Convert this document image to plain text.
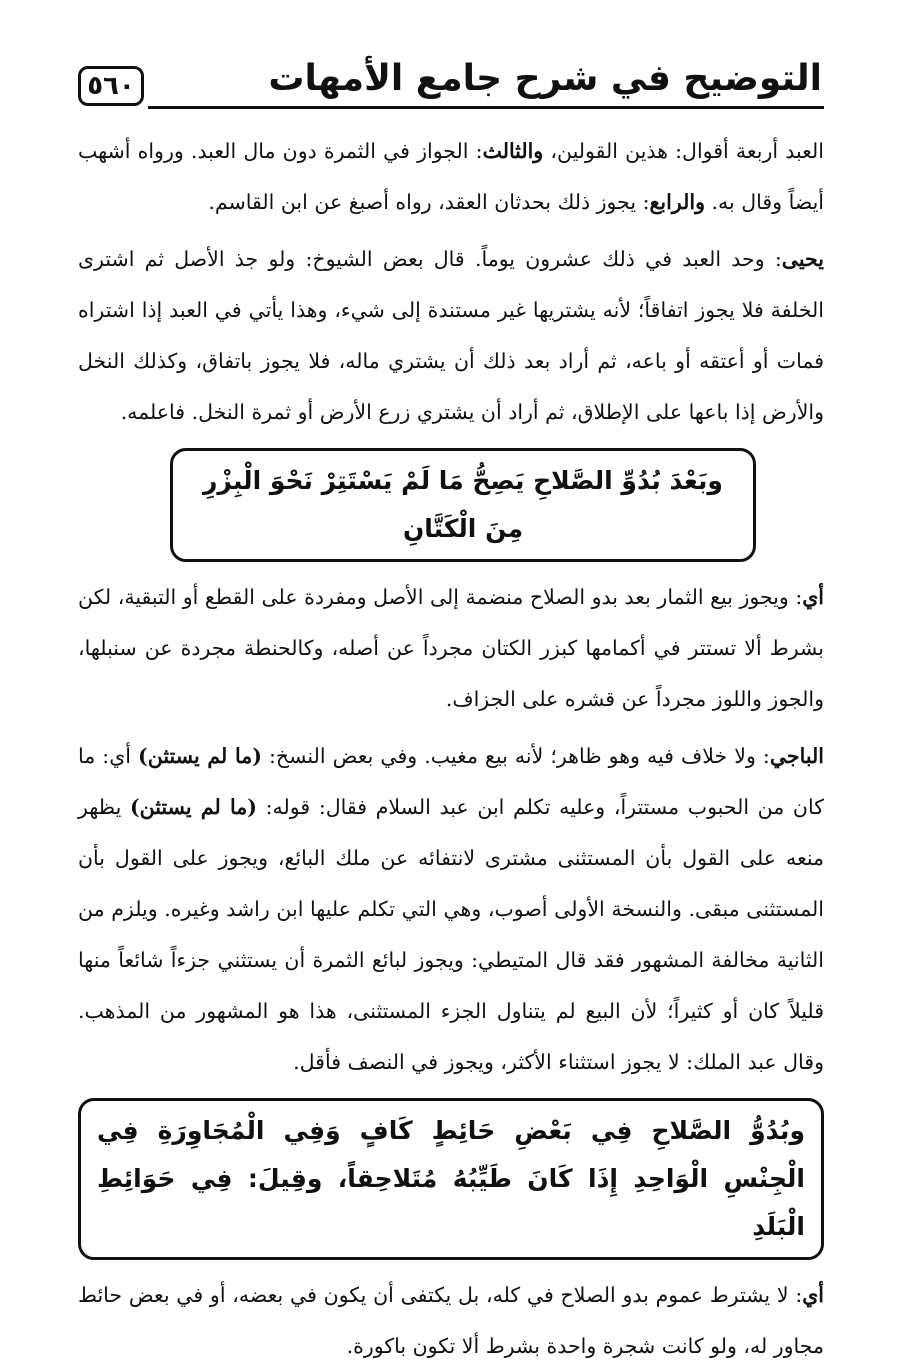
٥٦٠	التوضيح في شرح جامع الأمهات

العبد أربعة أقوال: هذين القولين، والثالث: الجواز في الثمرة دون مال العبد. ورواه أشهب أيضاً وقال به. والرابع: يجوز ذلك بحدثان العقد، رواه أصبغ عن ابن القاسم.

يحيى: وحد العبد في ذلك عشرون يوماً. قال بعض الشيوخ: ولو جذ الأصل ثم اشترى الخلفة فلا يجوز اتفاقاً؛ لأنه يشتريها غير مستندة إلى شيء، وهذا يأتي في العبد إذا اشتراه فمات أو أعتقه أو باعه، ثم أراد بعد ذلك أن يشتري ماله، فلا يجوز باتفاق، وكذلك النخل والأرض إذا باعها على الإطلاق، ثم أراد أن يشتري زرع الأرض أو ثمرة النخل. فاعلمه.

وبَعْدَ بُدُوِّ الصَّلاحِ يَصِحُّ مَا لَمْ يَسْتَتِرْ نَحْوَ الْبِزْرِ مِنَ الْكَتَّانِ

أي: ويجوز بيع الثمار بعد بدو الصلاح منضمة إلى الأصل ومفردة على القطع أو التبقية، لكن بشرط ألا تستتر في أكمامها كبزر الكتان مجرداً عن أصله، وكالحنطة مجردة عن سنبلها، والجوز واللوز مجرداً عن قشره على الجزاف.

الباجي: ولا خلاف فيه وهو ظاهر؛ لأنه بيع مغيب. وفي بعض النسخ: (ما لم يستثن) أي: ما كان من الحبوب مستتراً، وعليه تكلم ابن عبد السلام فقال: قوله: (ما لم يستثن) يظهر منعه على القول بأن المستثنى مشترى لانتفائه عن ملك البائع، ويجوز على القول بأن المستثنى مبقى. والنسخة الأولى أصوب، وهي التي تكلم عليها ابن راشد وغيره. ويلزم من الثانية مخالفة المشهور فقد قال المتيطي: ويجوز لبائع الثمرة أن يستثني جزءاً شائعاً منها قليلاً كان أو كثيراً؛ لأن البيع لم يتناول الجزء المستثنى، هذا هو المشهور من المذهب. وقال عبد الملك: لا يجوز استثناء الأكثر، ويجوز في النصف فأقل.

وبُدُوُّ الصَّلاحِ فِي بَعْضِ حَائِطٍ كَافٍ وَفِي الْمُجَاوِرَةِ فِي الْجِنْسِ الْوَاحِدِ إِذَا كَانَ طَيِّبُهُ مُتَلاحِقاً، وقِيلَ: فِي حَوَائِطِ الْبَلَدِ

أي: لا يشترط عموم بدو الصلاح في كله، بل يكتفى أن يكون في بعضه، أو في بعض حائط مجاور له، ولو كانت شجرة واحدة بشرط ألا تكون باكورة.
